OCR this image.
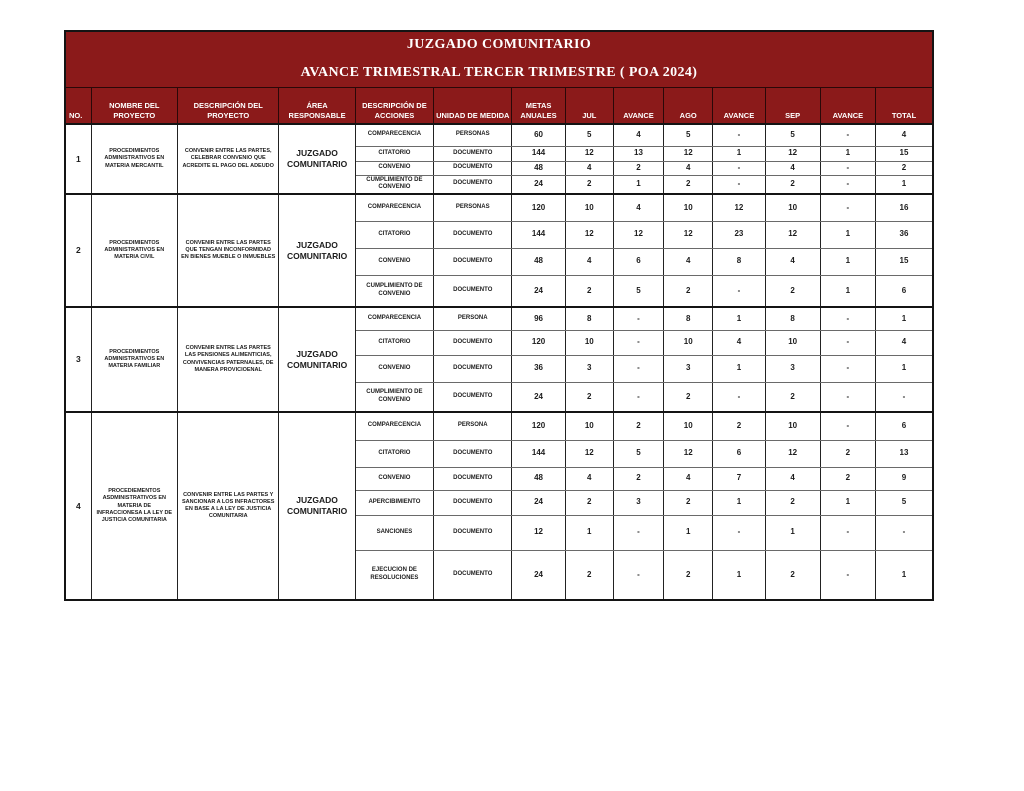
JUZGADO COMUNITARIO													
AVANCE TRIMESTRAL TERCER TRIMESTRE ( POA 2024)													
NO.	NOMBRE DEL PROYECTO	DESCRIPCIÓN DEL PROYECTO	ÁREA RESPONSABLE	DESCRIPCIÓN DE ACCIONES	UNIDAD DE MEDIDA	METAS ANUALES	JUL	AVANCE	AGO	AVANCE	SEP	AVANCE	TOTAL
1	PROCEDIMIENTOS ADMINISTRATIVOS EN MATERIA MERCANTIL	CONVENIR ENTRE LAS PARTES, CELEBRAR CONVENIO QUE ACREDITE EL PAGO DEL ADEUDO	JUZGADO COMUNITARIO	COMPARECENCIA	PERSONAS	60	5	4	5	-	5	-	4
				CITATORIO	DOCUMENTO	144	12	13	12	1	12	1	15
				CONVENIO	DOCUMENTO	48	4	2	4	-	4	-	2
				CUMPLIMIENTO DE CONVENIO	DOCUMENTO	24	2	1	2	-	2	-	1
2	PROCEDIMIENTOS ADMINISTRATIVOS EN MATERIA CIVIL	CONVENIR ENTRE LAS PARTES QUE TENGAN INCONFORMIDAD EN BIENES MUEBLE O INMUEBLES	JUZGADO COMUNITARIO	COMPARECENCIA	PERSONAS	120	10	4	10	12	10	-	16
				CITATORIO	DOCUMENTO	144	12	12	12	23	12	1	36
				CONVENIO	DOCUMENTO	48	4	6	4	8	4	1	15
				CUMPLIMIENTO DE CONVENIO	DOCUMENTO	24	2	5	2	-	2	1	6
3	PROCEDIMIENTOS ADMINISTRATIVOS EN MATERIA FAMILIAR	CONVENIR ENTRE LAS PARTES LAS PENSIONES ALIMENTICIAS, CONVIVENCIAS PATERNALES, DE MANERA PROVICIOENAL	JUZGADO COMUNITARIO	COMPARECENCIA	PERSONA	96	8	-	8	1	8	-	1
				CITATORIO	DOCUMENTO	120	10	-	10	4	10	-	4
				CONVENIO	DOCUMENTO	36	3	-	3	1	3	-	1
				CUMPLIMIENTO DE CONVENIO	DOCUMENTO	24	2	-	2	-	2	-	-
4	PROCEDIEMENTOS ASDMINISTRATIVOS EN MATERIA DE INFRACCIONESA LA LEY DE JUSTICIA COMUNITARIA	CONVENIR ENTRE LAS PARTES Y SANCIONAR A LOS INFRACTORES EN BASE A LA LEY DE JUSTICIA COMUNITARIA	JUZGADO COMUNITARIO	COMPARECENCIA	PERSONA	120	10	2	10	2	10	-	6
				CITATORIO	DOCUMENTO	144	12	5	12	6	12	2	13
				CONVENIO	DOCUMENTO	48	4	2	4	7	4	2	9
				APERCIBIMIENTO	DOCUMENTO	24	2	3	2	1	2	1	5
				SANCIONES	DOCUMENTO	12	1	-	1	-	1	-	-
				EJECUCION DE RESOLUCIONES	DOCUMENTO	24	2	-	2	1	2	-	1
